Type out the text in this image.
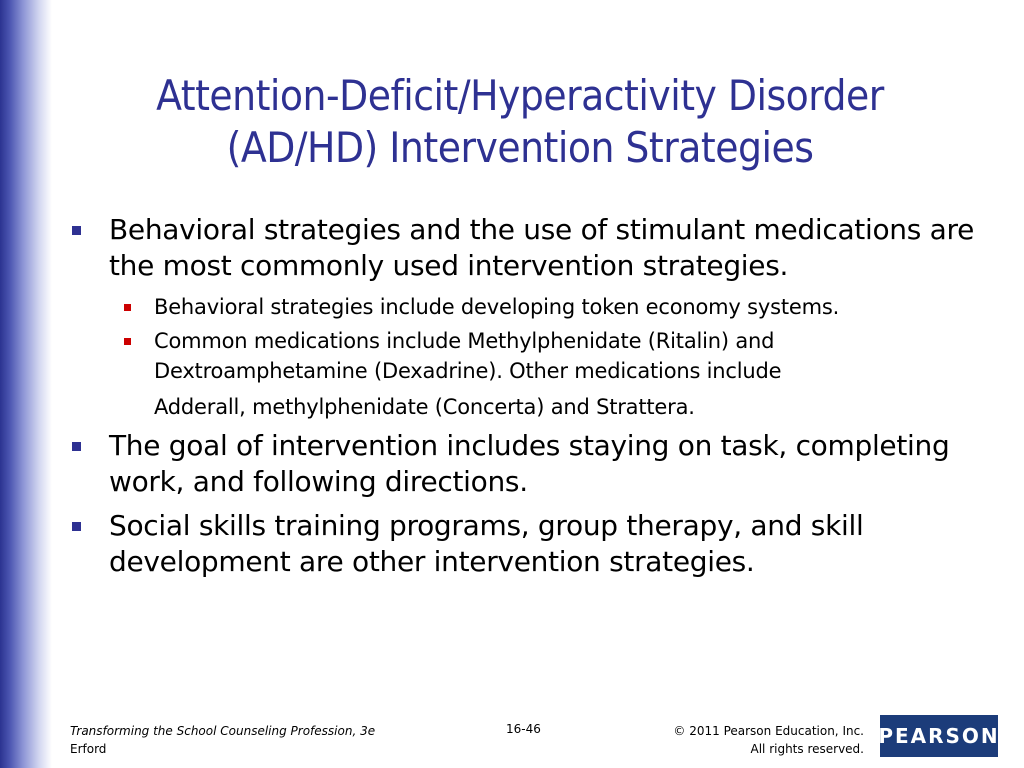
Attention-Deficit/Hyperactivity Disorder
(AD/HD) Intervention Strategies
Behavioral strategies and the use of stimulant medications are the most commonly used intervention strategies.
Behavioral strategies include developing token economy systems.
Common medications include Methylphenidate (Ritalin) and Dextroamphetamine (Dexadrine). Other medications include
Adderall, methylphenidate (Concerta) and Strattera.
The goal of intervention includes staying on task, completing work, and following directions.
Social skills training programs, group therapy, and skill development are other intervention strategies.
Transforming the School Counseling Profession, 3e
Erford
16-46	© 2011 Pearson Education, Inc.
All rights reserved.
PEARSON
